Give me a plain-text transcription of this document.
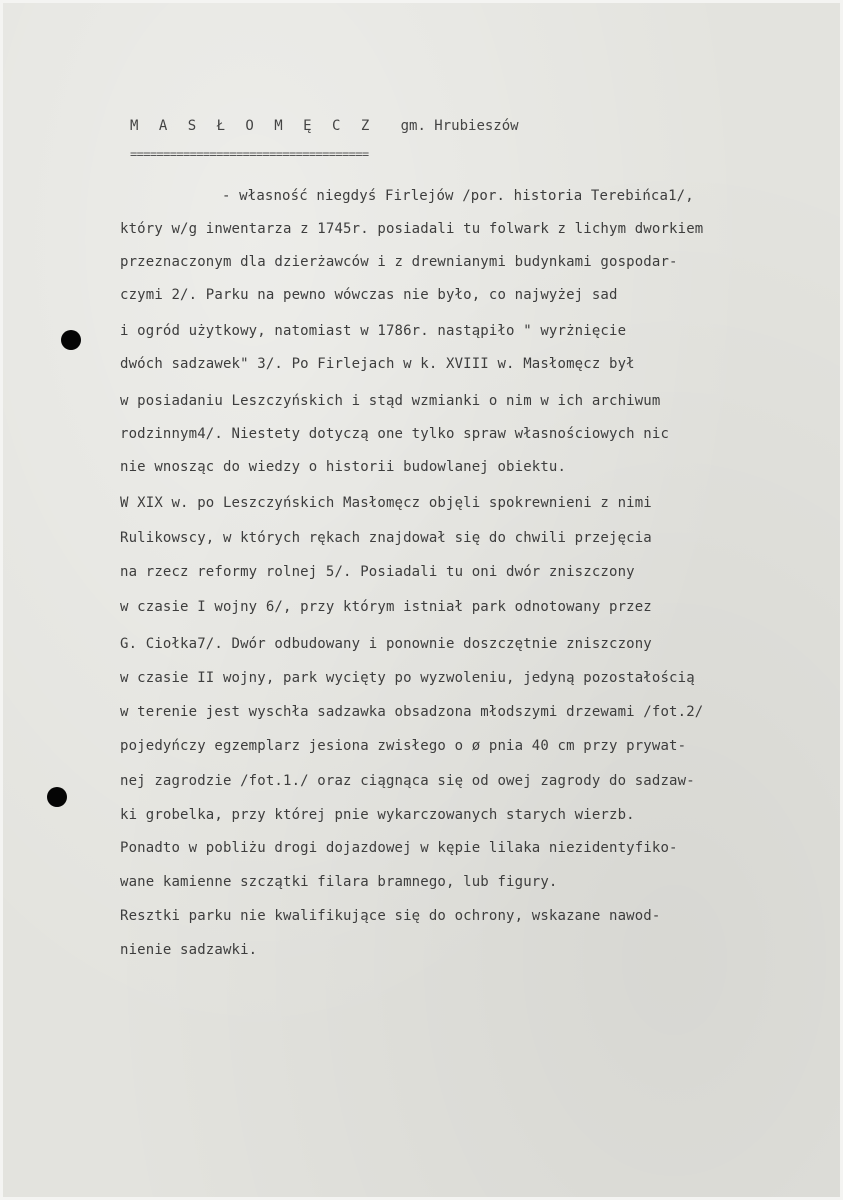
M A S Ł O M Ę C Z gm. Hrubieszów
====================================
- własność niegdyś Firlejów /por. historia Terebińca1/,
który w/g inwentarza z 1745r. posiadali tu folwark z lichym dworkiem
przeznaczonym dla dzierżawców i z drewnianymi budynkami gospodar-
czymi 2/. Parku na pewno wówczas nie było, co najwyżej sad
i ogród użytkowy, natomiast w 1786r. nastąpiło " wyrżnięcie
dwóch sadzawek" 3/. Po Firlejach w k. XVIII w. Masłomęcz był
w posiadaniu Leszczyńskich i stąd wzmianki o nim w ich archiwum
rodzinnym4/. Niestety dotyczą one tylko spraw własnościowych nic
nie wnosząc do wiedzy o historii budowlanej obiektu.
W XIX w. po Leszczyńskich Masłomęcz objęli spokrewnieni z nimi
Rulikowscy, w których rękach znajdował się do chwili przejęcia
na rzecz reformy rolnej 5/. Posiadali tu oni dwór zniszczony
w czasie I wojny 6/, przy którym istniał park odnotowany przez
G. Ciołka7/. Dwór odbudowany i ponownie doszczętnie zniszczony
w czasie II wojny, park wycięty po wyzwoleniu, jedyną pozostałością
w terenie jest wyschła sadzawka obsadzona młodszymi drzewami /fot.2/
pojedyńczy egzemplarz jesiona zwisłego o ø pnia 40 cm przy prywat-
nej zagrodzie /fot.1./ oraz ciągnąca się od owej zagrody do sadzaw-
ki grobelka, przy której pnie wykarczowanych starych wierzb.
Ponadto w pobliżu drogi dojazdowej w kępie lilaka niezidentyfiko-
wane kamienne szczątki filara bramnego, lub figury.
Resztki parku nie kwalifikujące się do ochrony, wskazane nawod-
nienie sadzawki.
